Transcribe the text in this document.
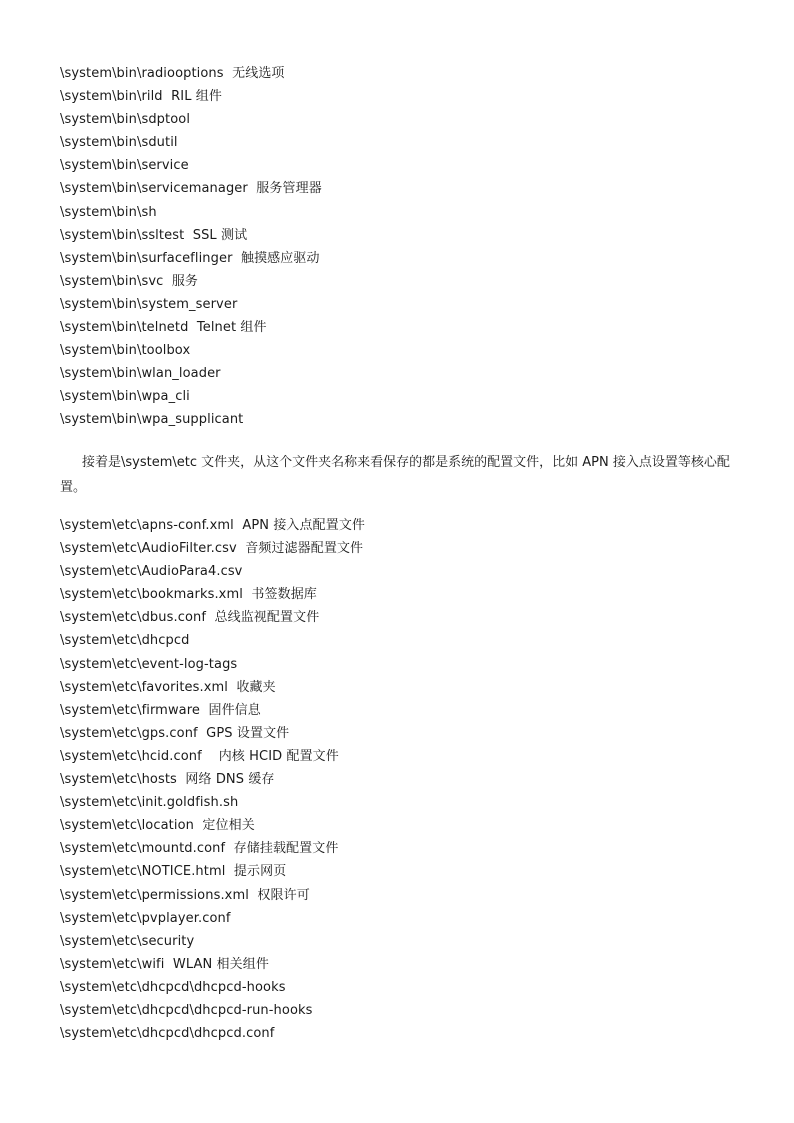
\system\bin\radiooptions  无线选项
\system\bin\rild  RIL 组件
\system\bin\sdptool
\system\bin\sdutil
\system\bin\service
\system\bin\servicemanager  服务管理器
\system\bin\sh
\system\bin\ssltest  SSL 测试
\system\bin\surfaceflinger  触摸感应驱动
\system\bin\svc  服务
\system\bin\system_server
\system\bin\telnetd  Telnet 组件
\system\bin\toolbox
\system\bin\wlan_loader
\system\bin\wpa_cli
\system\bin\wpa_supplicant

接着是\system\etc 文件夹，从这个文件夹名称来看保存的都是系统的配置文件，比如 APN 接入点设置等核心配置。

\system\etc\apns-conf.xml  APN 接入点配置文件
\system\etc\AudioFilter.csv  音频过滤器配置文件
\system\etc\AudioPara4.csv
\system\etc\bookmarks.xml  书签数据库
\system\etc\dbus.conf  总线监视配置文件
\system\etc\dhcpcd
\system\etc\event-log-tags
\system\etc\favorites.xml  收藏夹
\system\etc\firmware  固件信息
\system\etc\gps.conf  GPS 设置文件
\system\etc\hcid.conf    内核 HCID 配置文件
\system\etc\hosts  网络 DNS 缓存
\system\etc\init.goldfish.sh
\system\etc\location  定位相关
\system\etc\mountd.conf  存储挂载配置文件
\system\etc\NOTICE.html  提示网页
\system\etc\permissions.xml  权限许可
\system\etc\pvplayer.conf
\system\etc\security
\system\etc\wifi  WLAN 相关组件
\system\etc\dhcpcd\dhcpcd-hooks
\system\etc\dhcpcd\dhcpcd-run-hooks
\system\etc\dhcpcd\dhcpcd.conf
